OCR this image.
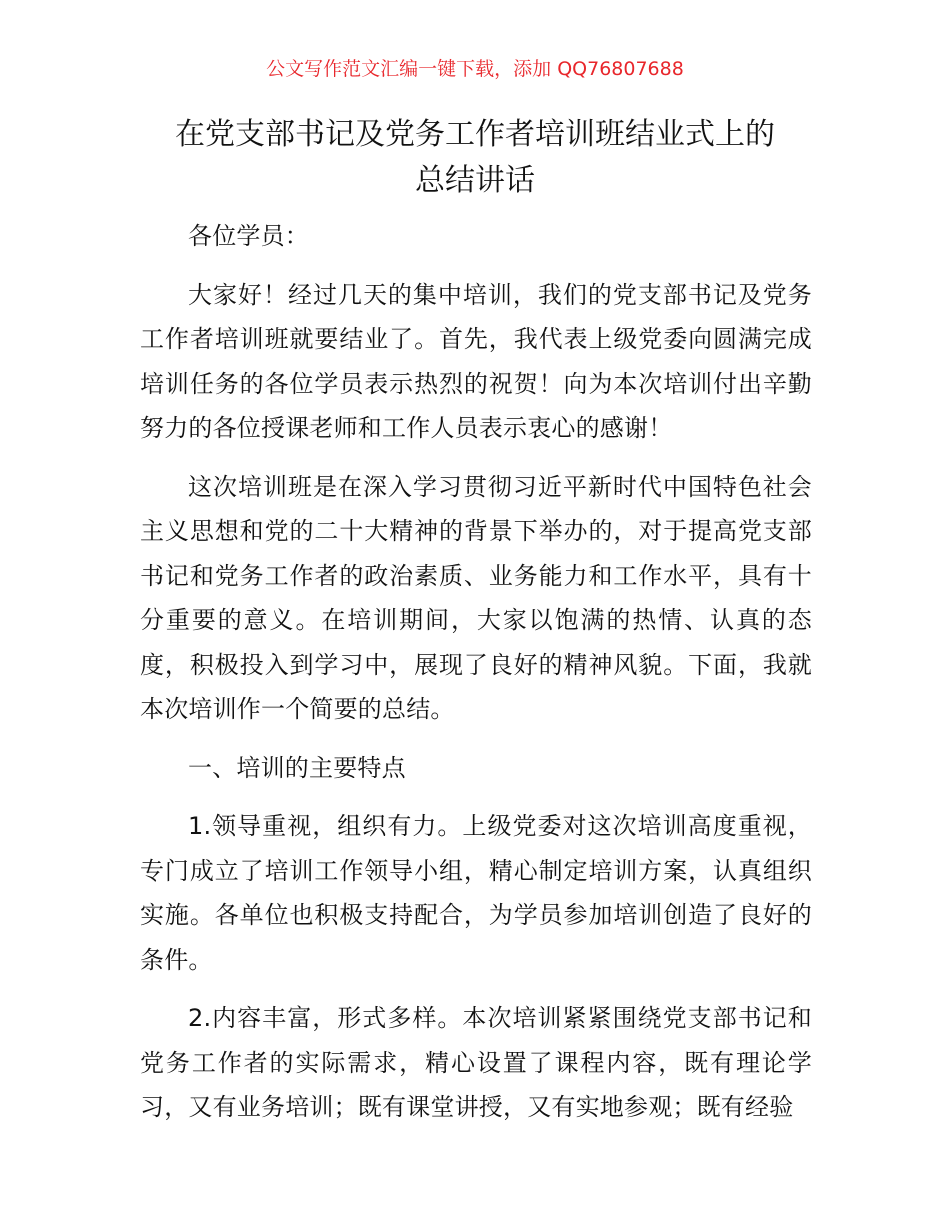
公文写作范文汇编一键下载，添加 QQ76807688
在党支部书记及党务工作者培训班结业式上的
总结讲话

各位学员：

大家好！经过几天的集中培训，我们的党支部书记及党务工作者培训班就要结业了。首先，我代表上级党委向圆满完成培训任务的各位学员表示热烈的祝贺！向为本次培训付出辛勤努力的各位授课老师和工作人员表示衷心的感谢！

这次培训班是在深入学习贯彻习近平新时代中国特色社会主义思想和党的二十大精神的背景下举办的，对于提高党支部书记和党务工作者的政治素质、业务能力和工作水平，具有十分重要的意义。在培训期间，大家以饱满的热情、认真的态度，积极投入到学习中，展现了良好的精神风貌。下面，我就本次培训作一个简要的总结。

一、培训的主要特点

1.领导重视，组织有力。上级党委对这次培训高度重视，专门成立了培训工作领导小组，精心制定培训方案，认真组织实施。各单位也积极支持配合，为学员参加培训创造了良好的条件。

2.内容丰富，形式多样。本次培训紧紧围绕党支部书记和党务工作者的实际需求，精心设置了课程内容，既有理论学习，又有业务培训；既有课堂讲授，又有实地参观；既有经验
